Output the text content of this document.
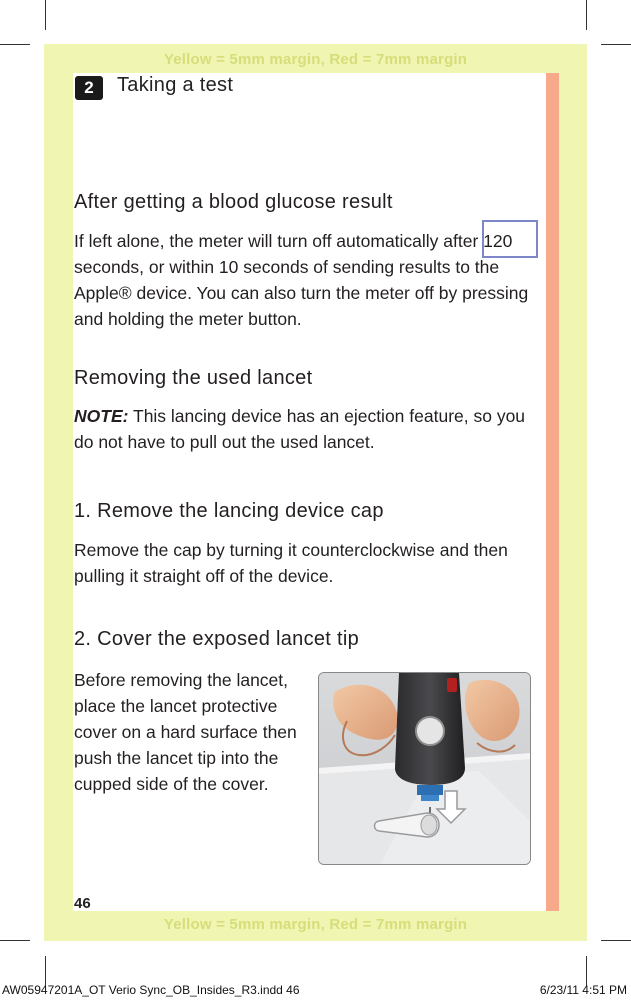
Yellow = 5mm margin, Red = 7mm margin
Yellow = 5mm margin, Red = 7mm margin
2	Taking a test
After getting a blood glucose result
If left alone, the meter will turn off automatically after 120
seconds, or within 10 seconds of sending results to the
Apple® device. You can also turn the meter off by pressing
and holding the meter button.
Removing the used lancet
NOTE: This lancing device has an ejection feature, so you
do not have to pull out the used lancet.
1. Remove the lancing device cap
Remove the cap by turning it counterclockwise and then
pulling it straight off of the device.
2. Cover the exposed lancet tip
Before removing the lancet,
place the lancet protective
cover on a hard surface then
push the lancet tip into the
cupped side of the cover.
46
AW05947201A_OT Verio Sync_OB_Insides_R3.indd 46	6/23/11 4:51 PM
